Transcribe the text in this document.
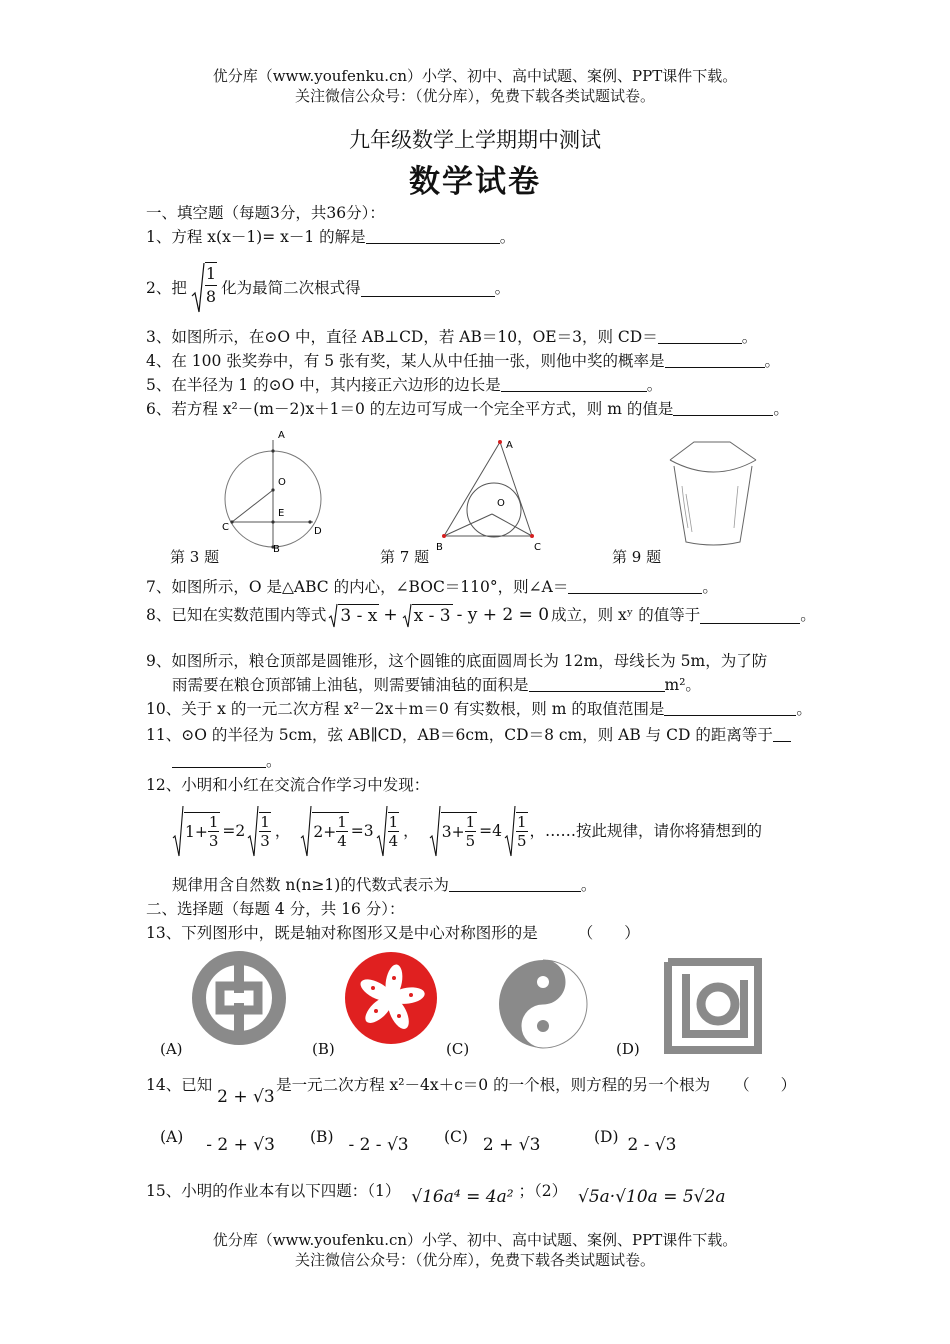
优分库（www.youfenku.cn）小学、初中、高中试题、案例、PPT课件下载。
关注微信公众号：（优分库），免费下载各类试题试卷。
九年级数学上学期期中测试
数学试卷
一、填空题（每题3分，共36分）：
1、方程 x(x－1)= x－1 的解是	。
2、把 $\frac{1}{8}$ 化为最简二次根式得	。
3、如图所示，在⊙O 中，直径 AB⊥CD，若 AB＝10，OE＝3，则 CD＝	。
4、在 100 张奖券中，有 5 张有奖，某人从中任抽一张，则他中奖的概率是	。
5、在半径为 1 的⊙O 中，其内接正六边形的边长是	。
6、若方程 x²－(m－2)x＋1＝0 的左边可写成一个完全平方式，则 m 的值是	。
A
O
E
C	D
B
第 3 题
A
O
B	C
第 7 题	第 9 题
7、如图所示，O 是△ABC 的内心，∠BOC＝110°，则∠A＝	。
8、已知在实数范围内等式 3 - x + x - 3 - y + 2 = 0 成立，则 xʸ 的值等于	。
9、如图所示，粮仓顶部是圆锥形，这个圆锥的底面圆周长为 12m，母线长为 5m，为了防
雨需要在粮仓顶部铺上油毡，则需要铺油毡的面积是	m²。
10、关于 x 的一元二次方程 x²－2x＋m＝0 有实数根，则 m 的取值范围是	。
11、⊙O 的半径为 5cm，弦 AB∥CD，AB＝6cm，CD＝8 cm，则 AB 与 CD 的距离等于
。
12、小明和小红在交流合作学习中发现：
$1 + \frac{1}{3} =2 \frac{1}{3}$ ， $2 + \frac{1}{4} =3 \frac{1}{4}$ ， $3 + \frac{1}{5} =4 \frac{1}{5}$ ，……按此规律，请你将猜想到的
规律用含自然数 n(n≥1)的代数式表示为	。
二、选择题（每题 4 分，共 16 分）：
13、下列图形中，既是轴对称图形又是中心对称图形的是	（　　）
(A)	(B)	(C)	(D)
14、已知 2 + √3 是一元二次方程 x²－4x＋c＝0 的一个根，则方程的另一个根为 （　　）
(A) - 2 + √3 (B) - 2 - √3 (C) 2 + √3	(D) 2 - √3
15、小明的作业本有以下四题：（1） √16a⁴ = 4a² ；（2） √5a·√10a = 5√2a
优分库（www.youfenku.cn）小学、初中、高中试题、案例、PPT课件下载。
关注微信公众号：（优分库），免费下载各类试题试卷。
